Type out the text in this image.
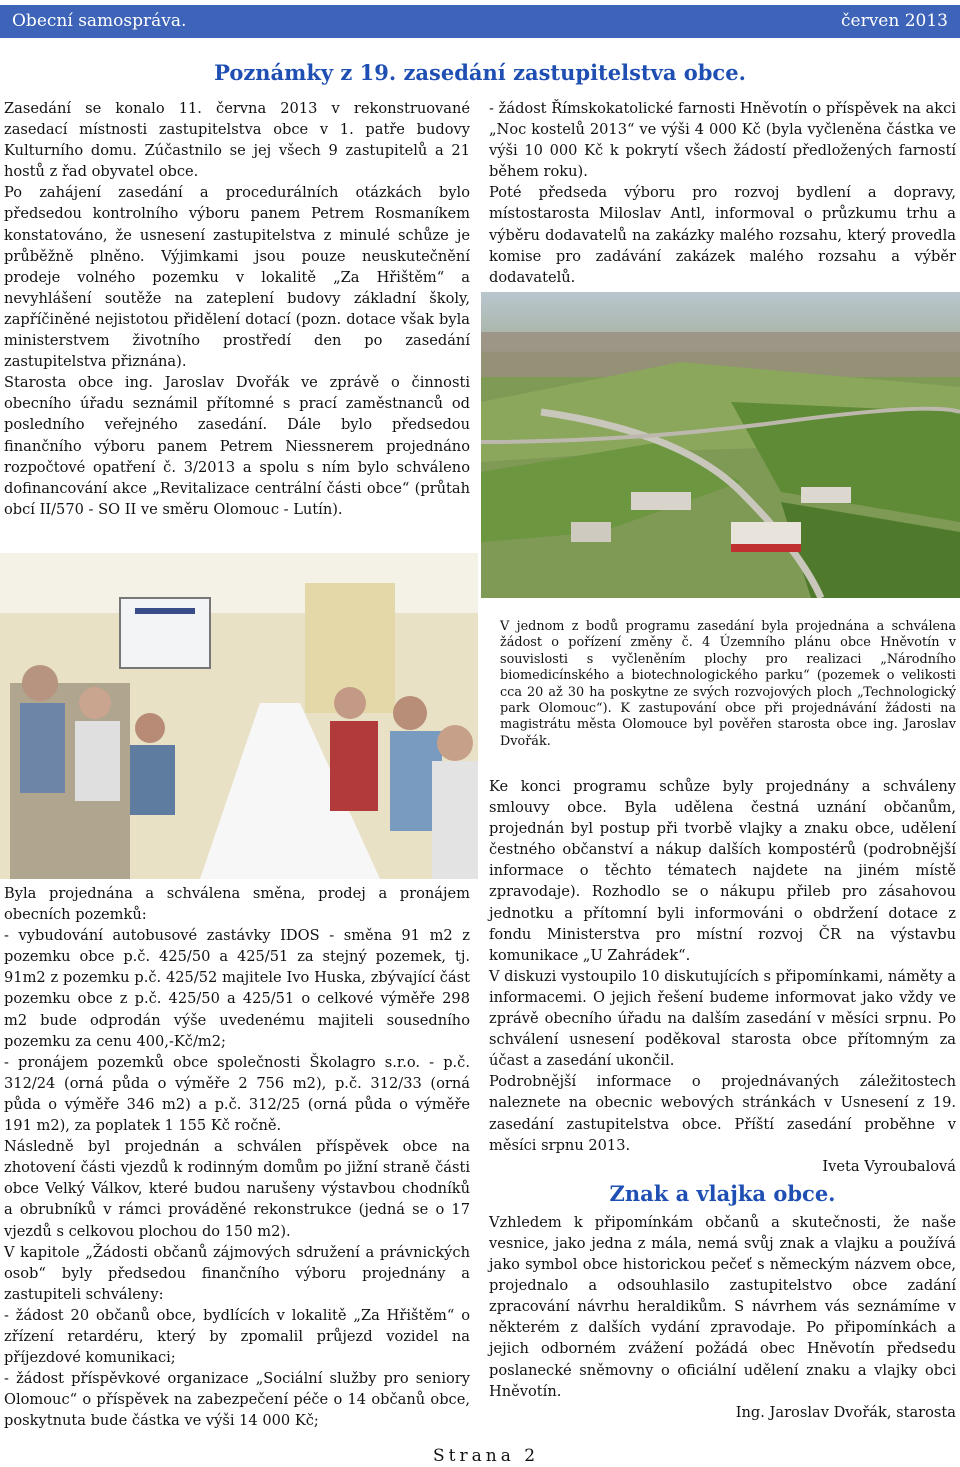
Obecní samospráva.	červen 2013
Poznámky z 19. zasedání zastupitelstva obce.

Zasedání se konalo 11. června 2013 v rekonstruované zasedací místnosti zastupitelstva obce v 1. patře budovy Kulturního domu. Zúčastnilo se jej všech 9 zastupitelů a 21 hostů z řad obyvatel obce.

Po zahájení zasedání a procedurálních otázkách bylo předsedou kontrolního výboru panem Petrem Rosmaníkem konstatováno, že usnesení zastupitelstva z minulé schůze je průběžně plněno. Výjimkami jsou pouze neuskutečnění prodeje volného pozemku v lokalitě „Za Hřištěm“ a nevyhlášení soutěže na zateplení budovy základní školy, zapříčiněné nejistotou přidělení dotací (pozn. dotace však byla ministerstvem životního prostředí den po zasedání zastupitelstva přiznána).

Starosta obce ing. Jaroslav Dvořák ve zprávě o činnosti obecního úřadu seznámil přítomné s prací zaměstnanců od posledního veřejného zasedání. Dále bylo předsedou finančního výboru panem Petrem Niessnerem projednáno rozpočtové opatření č. 3/2013 a spolu s ním bylo schváleno dofinancování akce „Revitalizace centrální části obce“ (průtah obcí II/570 - SO II ve směru Olomouc - Lutín).

- žádost Římskokatolické farnosti Hněvotín o příspěvek na akci „Noc kostelů 2013“ ve výši 4 000 Kč (byla vyčleněna částka ve výši 10 000 Kč k pokrytí všech žádostí předložených farností během roku).

Poté předseda výboru pro rozvoj bydlení a dopravy, místostarosta Miloslav Antl, informoval o průzkumu trhu a výběru dodavatelů na zakázky malého rozsahu, který provedla komise pro zadávání zakázek malého rozsahu a výběr dodavatelů.

V jednom z bodů programu zasedání byla projednána a schválena žádost o pořízení změny č. 4 Územního plánu obce Hněvotín v souvislosti s vyčleněním plochy pro realizaci „Národního biomedicínského a biotechnologického parku“ (pozemek o velikosti cca 20 až 30 ha poskytne ze svých rozvojových ploch „Technologický park Olomouc“). K zastupování obce při projednávání žádosti na magistrátu města Olomouce byl pověřen starosta obce ing. Jaroslav Dvořák.

Byla projednána a schválena směna, prodej a pronájem obecních pozemků:

- vybudování autobusové zastávky IDOS - směna 91 m2 z pozemku obce p.č. 425/50 a 425/51 za stejný pozemek, tj. 91m2 z pozemku p.č. 425/52 majitele Ivo Huska, zbývající část pozemku obce z p.č. 425/50 a 425/51 o celkové výměře 298 m2 bude odprodán výše uvedenému majiteli sousedního pozemku za cenu 400,-Kč/m2;

- pronájem pozemků obce společnosti Školagro s.r.o. - p.č. 312/24 (orná půda o výměře 2 756 m2), p.č. 312/33 (orná půda o výměře 346 m2) a p.č. 312/25 (orná půda o výměře 191 m2), za poplatek 1 155 Kč ročně.

Následně byl projednán a schválen příspěvek obce na zhotovení části vjezdů k rodinným domům po jižní straně části obce Velký Válkov, které budou narušeny výstavbou chodníků a obrubníků v rámci prováděné rekonstrukce (jedná se o 17 vjezdů s celkovou plochou do 150 m2).

V kapitole „Žádosti občanů zájmových sdružení a právnických osob“ byly předsedou finančního výboru projednány a zastupiteli schváleny:

- žádost 20 občanů obce, bydlících v lokalitě „Za Hřištěm“ o zřízení retardéru, který by zpomalil průjezd vozidel na příjezdové komunikaci;

- žádost příspěvkové organizace „Sociální služby pro seniory Olomouc“ o příspěvek na zabezpečení péče o 14 občanů obce, poskytnuta bude částka ve výši 14 000 Kč;

Ke konci programu schůze byly projednány a schváleny smlouvy obce. Byla udělena čestná uznání občanům, projednán byl postup při tvorbě vlajky a znaku obce, udělení čestného občanství a nákup dalších kompostérů (podrobnější informace o těchto tématech najdete na jiném místě zpravodaje). Rozhodlo se o nákupu přileb pro zásahovou jednotku a přítomní byli informováni o obdržení dotace z fondu Ministerstva pro místní rozvoj ČR na výstavbu komunikace „U Zahrádek“.

V diskuzi vystoupilo 10 diskutujících s připomínkami, náměty a informacemi. O jejich řešení budeme informovat jako vždy ve zprávě obecního úřadu na dalším zasedání v měsíci srpnu. Po schválení usnesení poděkoval starosta obce přítomným za účast a zasedání ukončil.

Podrobnější informace o projednávaných záležitostech naleznete na obecnic webových stránkách v Usnesení z 19. zasedání zastupitelstva obce. Příští zasedání proběhne v měsíci srpnu 2013.

Iveta Vyroubalová

Znak a vlajka obce.

Vzhledem k připomínkám občanů a skutečnosti, že naše vesnice, jako jedna z mála, nemá svůj znak a vlajku a používá jako symbol obce historickou pečeť s německým názvem obce, projednalo a odsouhlasilo zastupitelstvo obce zadání zpracování návrhu heraldikům. S návrhem vás seznámíme v některém z dalších vydání zpravodaje. Po připomínkách a jejich odborném zvážení požádá obec Hněvotín předsedu poslanecké sněmovny o oficiální udělení znaku a vlajky obci Hněvotín.

Ing. Jaroslav Dvořák, starosta

Strana 2
